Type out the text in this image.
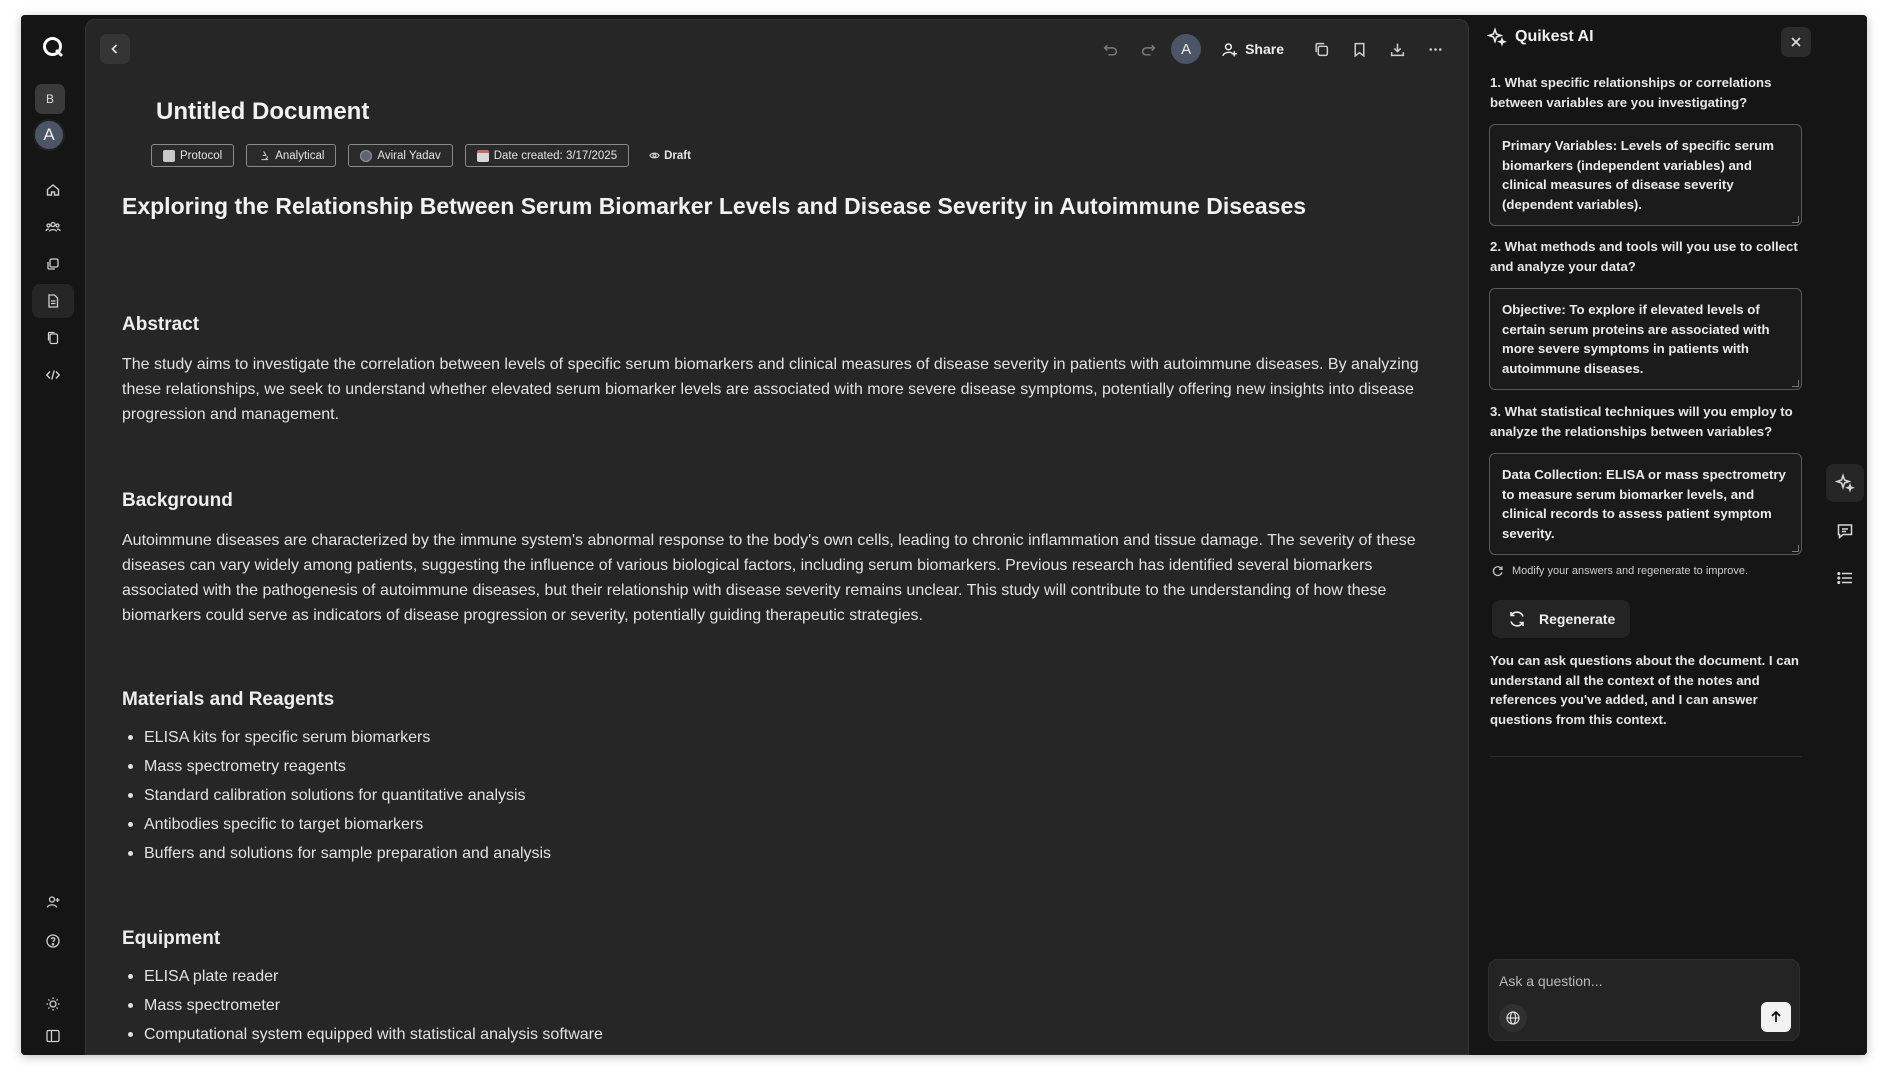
B
A
A	Share
Untitled Document
Protocol	Analytical	Aviral Yadav	Date created: 3/17/2025	Draft
Exploring the Relationship Between Serum Biomarker Levels and Disease Severity in Autoimmune Diseases
Abstract

The study aims to investigate the correlation between levels of specific serum biomarkers and clinical measures of disease severity in patients with autoimmune diseases. By analyzing these relationships, we seek to understand whether elevated serum biomarker levels are associated with more severe disease symptoms, potentially offering new insights into disease progression and management.

Background

Autoimmune diseases are characterized by the immune system's abnormal response to the body's own cells, leading to chronic inflammation and tissue damage. The severity of these diseases can vary widely among patients, suggesting the influence of various biological factors, including serum biomarkers. Previous research has identified several biomarkers associated with the pathogenesis of autoimmune diseases, but their relationship with disease severity remains unclear. This study will contribute to the understanding of how these biomarkers could serve as indicators of disease progression or severity, potentially guiding therapeutic strategies.

Materials and Reagents
ELISA kits for specific serum biomarkers
Mass spectrometry reagents
Standard calibration solutions for quantitative analysis
Antibodies specific to target biomarkers
Buffers and solutions for sample preparation and analysis
Equipment
ELISA plate reader
Mass spectrometer
Computational system equipped with statistical analysis software
Quikest AI

1. What specific relationships or correlations between variables are you investigating?

Primary Variables: Levels of specific serum biomarkers (independent variables) and clinical measures of disease severity (dependent variables).

2. What methods and tools will you use to collect and analyze your data?

Objective: To explore if elevated levels of certain serum proteins are associated with more severe symptoms in patients with autoimmune diseases.

3. What statistical techniques will you employ to analyze the relationships between variables?

Data Collection: ELISA or mass spectrometry to measure serum biomarker levels, and clinical records to assess patient symptom severity.
Modify your answers and regenerate to improve.
Regenerate

You can ask questions about the document. I can understand all the context of the notes and references you've added, and I can answer questions from this context.

Ask a question...
